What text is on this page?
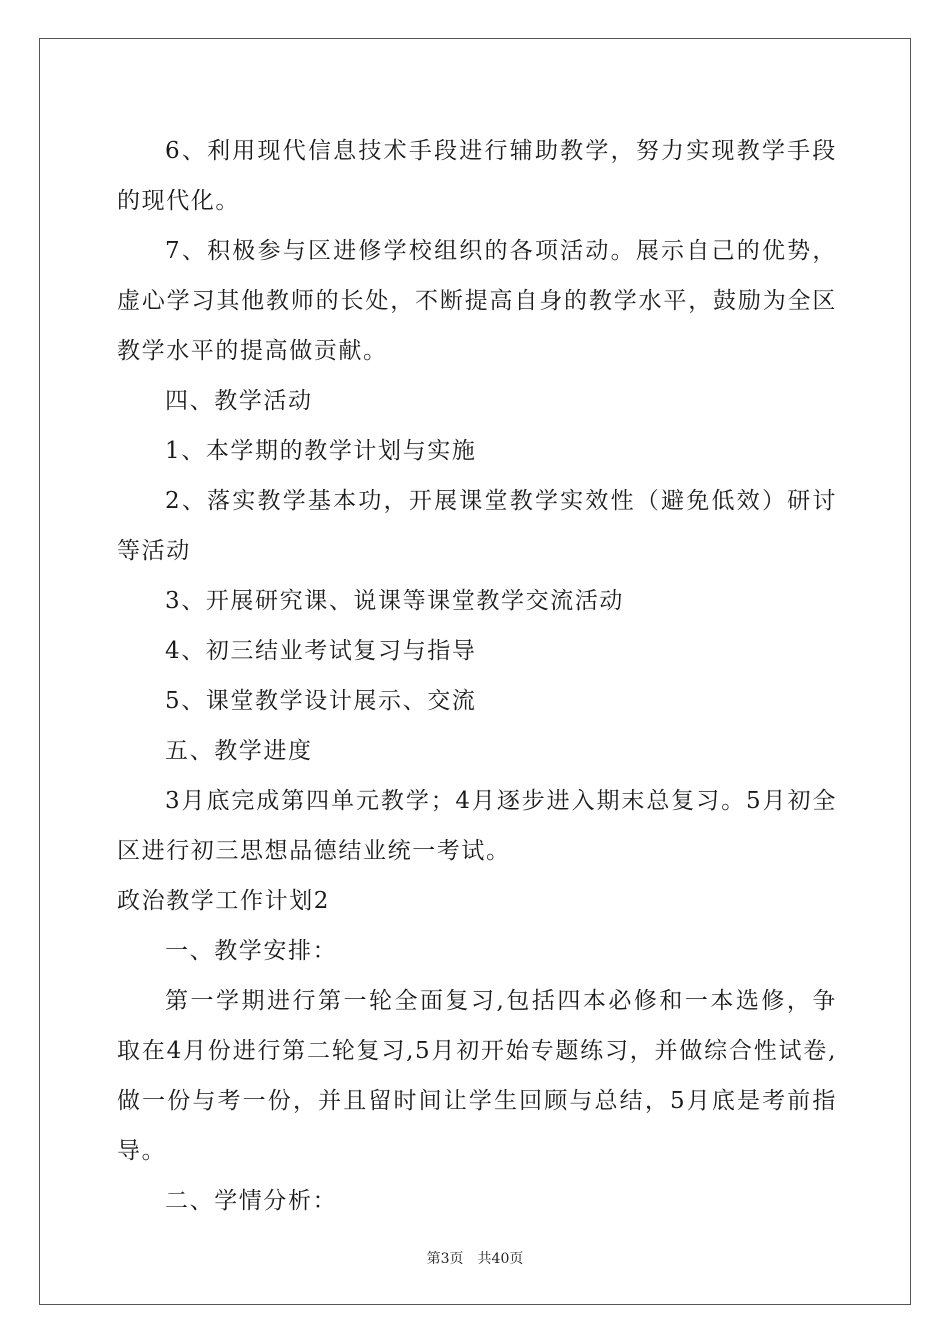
6、利用现代信息技术手段进行辅助教学，努力实现教学手段的现代化。

7、积极参与区进修学校组织的各项活动。展示自己的优势，虚心学习其他教师的长处，不断提高自身的教学水平，鼓励为全区教学水平的提高做贡献。

四、教学活动

1、本学期的教学计划与实施

2、落实教学基本功，开展课堂教学实效性（避免低效）研讨等活动

3、开展研究课、说课等课堂教学交流活动

4、初三结业考试复习与指导

5、课堂教学设计展示、交流

五、教学进度

3月底完成第四单元教学；4月逐步进入期末总复习。5月初全区进行初三思想品德结业统一考试。

政治教学工作计划2

一、教学安排：

第一学期进行第一轮全面复习,包括四本必修和一本选修，争取在4月份进行第二轮复习,5月初开始专题练习，并做综合性试卷,做一份与考一份，并且留时间让学生回顾与总结，5月底是考前指导。

二、学情分析：

第3页 共40页
